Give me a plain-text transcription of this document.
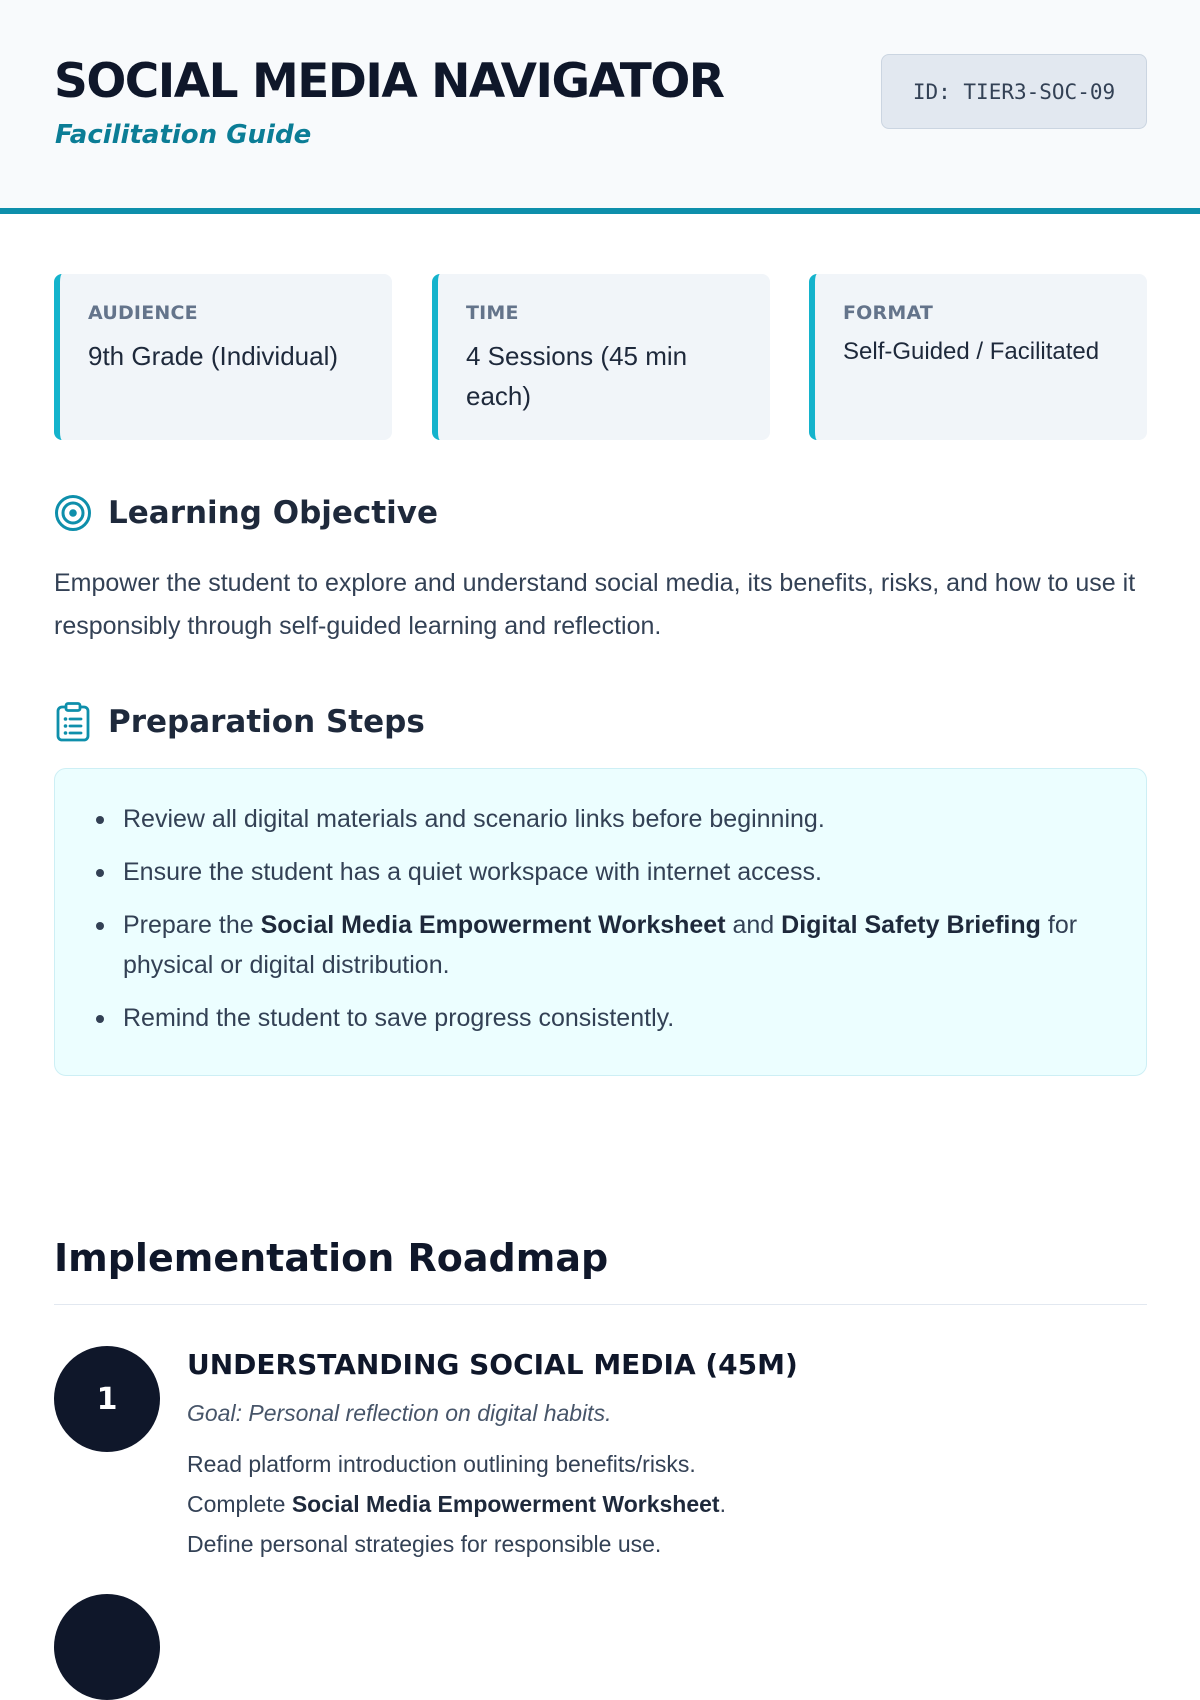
SOCIAL MEDIA NAVIGATOR
Facilitation Guide
ID: TIER3-SOC-09
AUDIENCE
9th Grade (Individual)
TIME
4 Sessions (45 min each)
FORMAT
Self-Guided / Facilitated
Learning Objective

Empower the student to explore and understand social media, its benefits, risks, and how to use it responsibly through self-guided learning and reflection.

Preparation Steps
Review all digital materials and scenario links before beginning.
Ensure the student has a quiet workspace with internet access.
Prepare the Social Media Empowerment Worksheet and Digital Safety Briefing for physical or digital distribution.
Remind the student to save progress consistently.
Implementation Roadmap
1
UNDERSTANDING SOCIAL MEDIA (45M)
Goal: Personal reflection on digital habits.
Read platform introduction outlining benefits/risks.
Complete Social Media Empowerment Worksheet.
Define personal strategies for responsible use.
